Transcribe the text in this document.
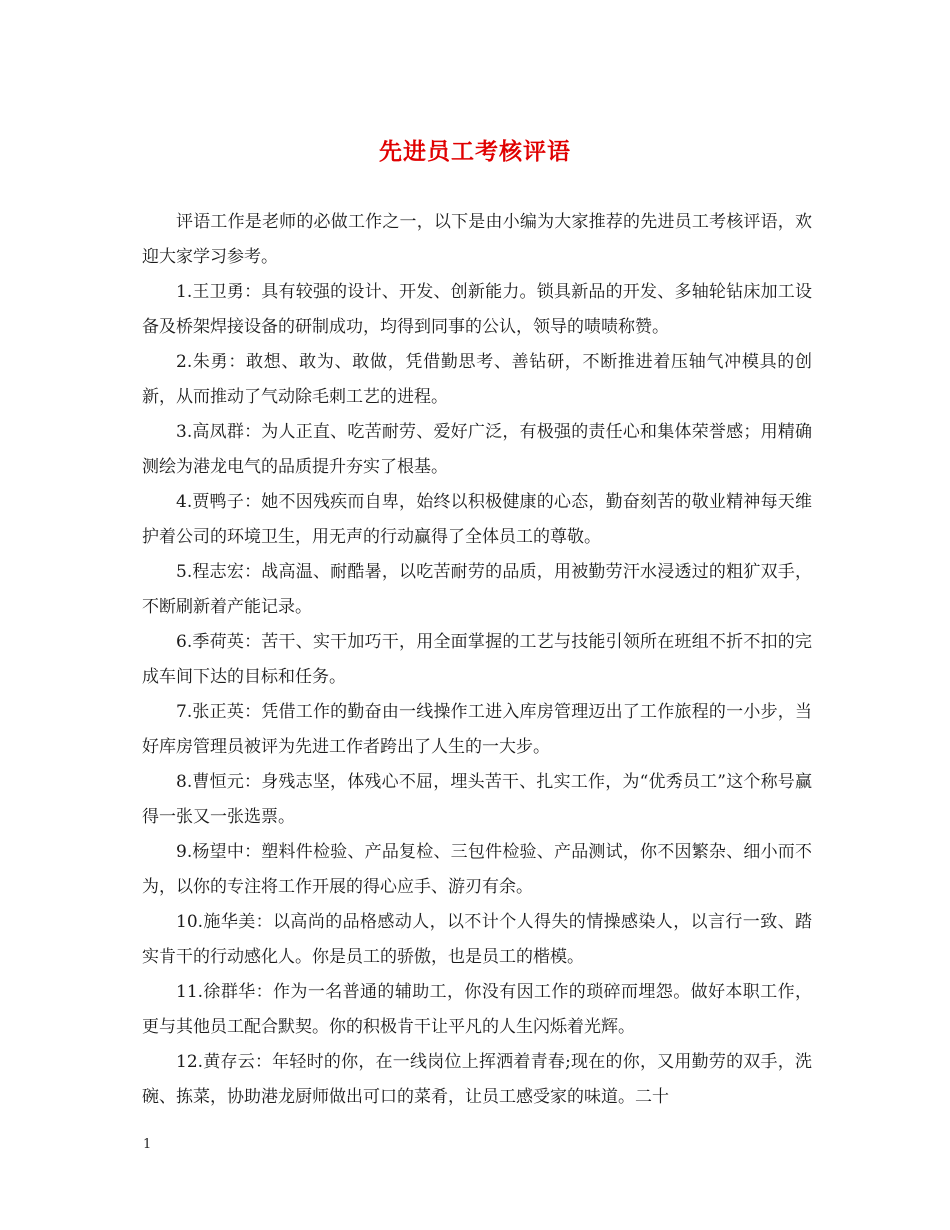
先进员工考核评语

评语工作是老师的必做工作之一，以下是由小编为大家推荐的先进员工考核评语，欢迎大家学习参考。

1.王卫勇：具有较强的设计、开发、创新能力。锁具新品的开发、多轴轮钻床加工设备及桥架焊接设备的研制成功，均得到同事的公认，领导的啧啧称赞。

2.朱勇：敢想、敢为、敢做，凭借勤思考、善钻研，不断推进着压轴气冲模具的创新，从而推动了气动除毛刺工艺的进程。

3.高凤群：为人正直、吃苦耐劳、爱好广泛，有极强的责任心和集体荣誉感；用精确测绘为港龙电气的品质提升夯实了根基。

4.贾鸭子：她不因残疾而自卑，始终以积极健康的心态，勤奋刻苦的敬业精神每天维护着公司的环境卫生，用无声的行动赢得了全体员工的尊敬。

5.程志宏：战高温、耐酷暑，以吃苦耐劳的品质，用被勤劳汗水浸透过的粗犷双手，不断刷新着产能记录。

6.季荷英：苦干、实干加巧干，用全面掌握的工艺与技能引领所在班组不折不扣的完成车间下达的目标和任务。

7.张正英：凭借工作的勤奋由一线操作工进入库房管理迈出了工作旅程的一小步，当好库房管理员被评为先进工作者跨出了人生的一大步。

8.曹恒元：身残志坚，体残心不屈，埋头苦干、扎实工作，为“优秀员工”这个称号赢得一张又一张选票。

9.杨望中：塑料件检验、产品复检、三包件检验、产品测试，你不因繁杂、细小而不为，以你的专注将工作开展的得心应手、游刃有余。

10.施华美：以高尚的品格感动人，以不计个人得失的情操感染人，以言行一致、踏实肯干的行动感化人。你是员工的骄傲，也是员工的楷模。

11.徐群华：作为一名普通的辅助工，你没有因工作的琐碎而埋怨。做好本职工作，更与其他员工配合默契。你的积极肯干让平凡的人生闪烁着光辉。

12.黄存云：年轻时的你，在一线岗位上挥洒着青春;现在的你，又用勤劳的双手，洗碗、拣菜，协助港龙厨师做出可口的菜肴，让员工感受家的味道。二十

1
